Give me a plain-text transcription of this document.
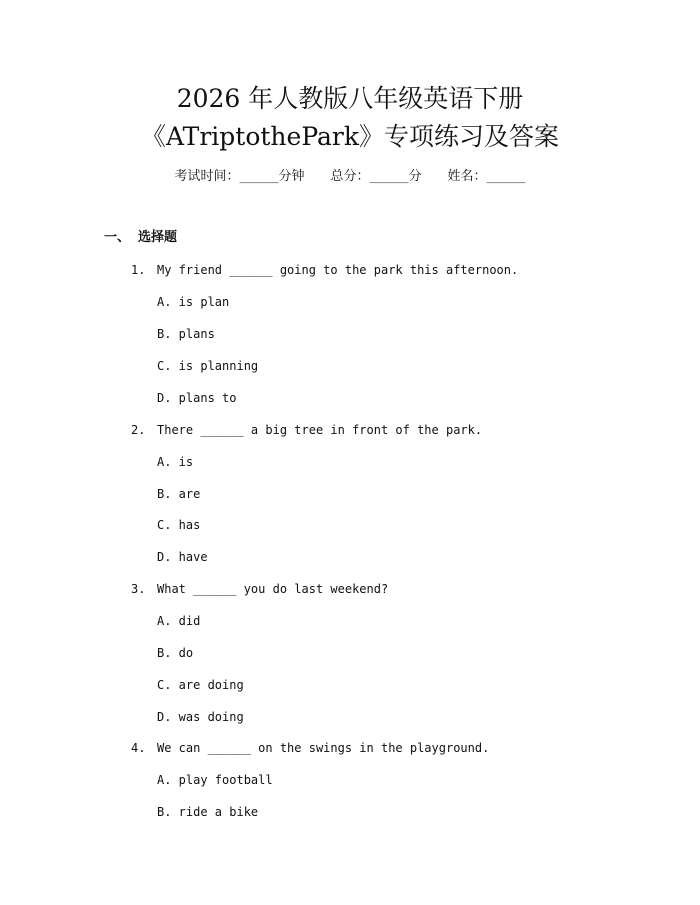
2026 年人教版八年级英语下册
《ATriptothePark》专项练习及答案
考试时间：______分钟 总分：______分 姓名：______
一、 选择题
1. My friend ______ going to the park this afternoon.
A. is plan
B. plans
C. is planning
D. plans to
2. There ______ a big tree in front of the park.
A. is
B. are
C. has
D. have
3. What ______ you do last weekend?
A. did
B. do
C. are doing
D. was doing
4. We can ______ on the swings in the playground.
A. play football
B. ride a bike
